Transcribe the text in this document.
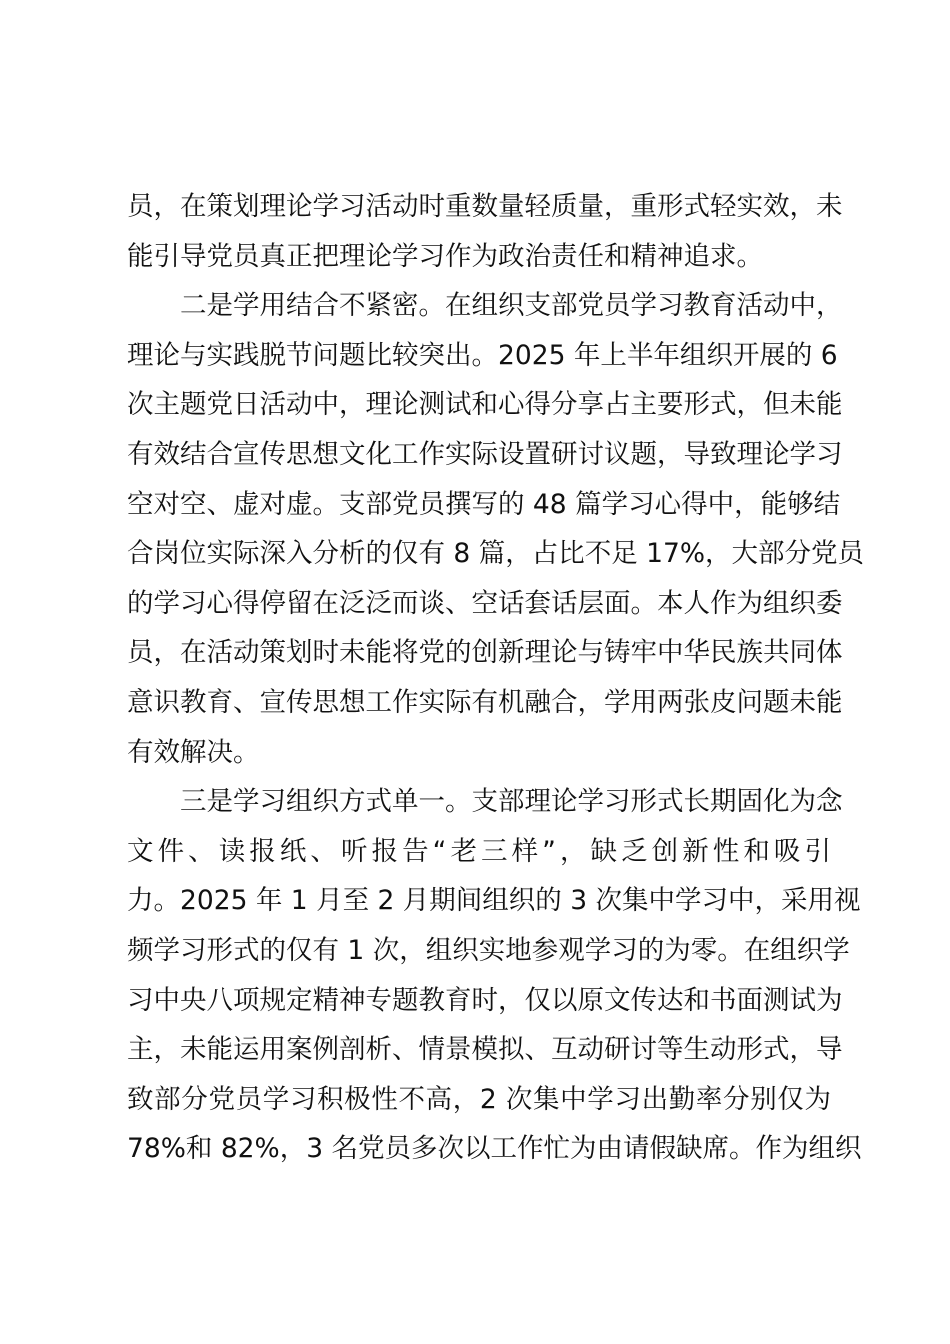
员，在策划理论学习活动时重数量轻质量，重形式轻实效，未
能引导党员真正把理论学习作为政治责任和精神追求。
二是学用结合不紧密。在组织支部党员学习教育活动中，
理论与实践脱节问题比较突出。2025 年上半年组织开展的 6
次主题党日活动中，理论测试和心得分享占主要形式，但未能
有效结合宣传思想文化工作实际设置研讨议题，导致理论学习
空对空、虚对虚。支部党员撰写的 48 篇学习心得中，能够结
合岗位实际深入分析的仅有 8 篇，占比不足 17%，大部分党员
的学习心得停留在泛泛而谈、空话套话层面。本人作为组织委
员，在活动策划时未能将党的创新理论与铸牢中华民族共同体
意识教育、宣传思想工作实际有机融合，学用两张皮问题未能
有效解决。
三是学习组织方式单一。支部理论学习形式长期固化为念
文件、读报纸、听报告“老三样”，缺乏创新性和吸引
力。2025 年 1 月至 2 月期间组织的 3 次集中学习中，采用视
频学习形式的仅有 1 次，组织实地参观学习的为零。在组织学
习中央八项规定精神专题教育时，仅以原文传达和书面测试为
主，未能运用案例剖析、情景模拟、互动研讨等生动形式，导
致部分党员学习积极性不高，2 次集中学习出勤率分别仅为
78%和 82%，3 名党员多次以工作忙为由请假缺席。作为组织
